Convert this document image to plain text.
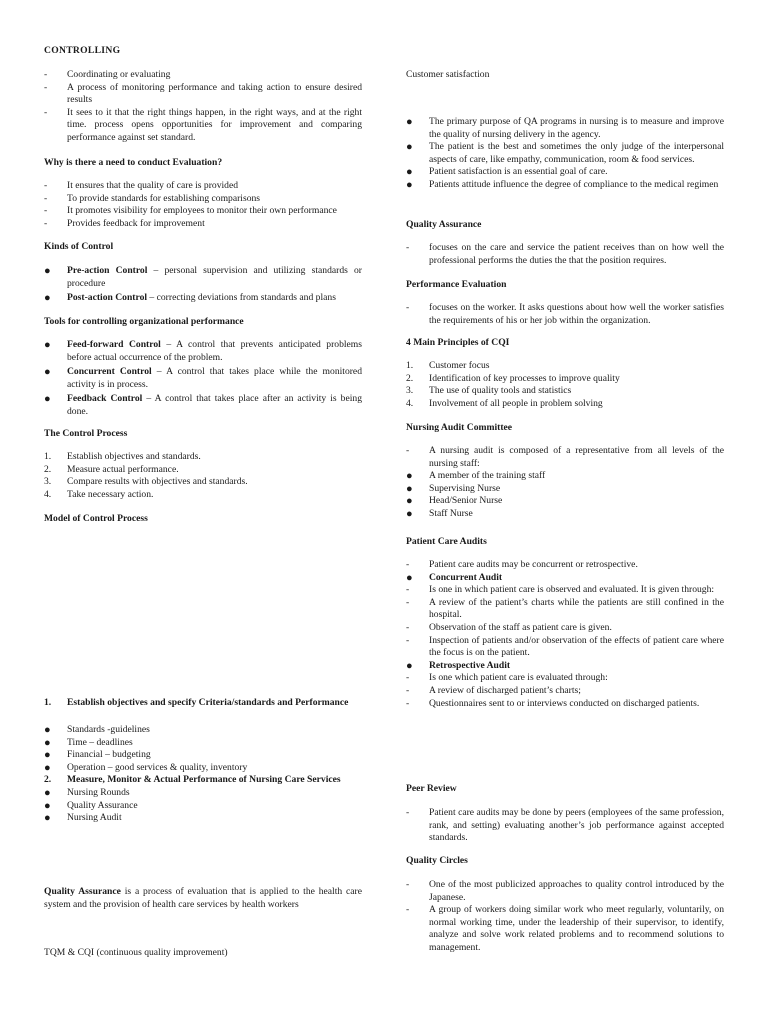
CONTROLLING
-	Coordinating or evaluating
-	A process of monitoring performance and taking action to ensure desired results
-	It sees to it that the right things happen, in the right ways, and at the right time. process opens opportunities for improvement and comparing performance against set standard.
Why is there a need to conduct Evaluation?
-	It ensures that the quality of care is provided
-	To provide standards for establishing comparisons
-	It promotes visibility for employees to monitor their own performance
-	Provides feedback for improvement
Kinds of Control
●	Pre-action Control – personal supervision and utilizing standards or procedure
●	Post-action Control – correcting deviations from standards and plans
Tools for controlling organizational performance
●	Feed-forward Control – A control that prevents anticipated problems before actual occurrence of the problem.
●	Concurrent Control – A control that takes place while the monitored activity is in process.
●	Feedback Control – A control that takes place after an activity is being done.
The Control Process
1.	Establish objectives and standards.
2.	Measure actual performance.
3.	Compare results with objectives and standards.
4.	Take necessary action.
Model of Control Process
1.	Establish objectives and specify Criteria/standards and Performance
●	Standards -guidelines
●	Time – deadlines
●	Financial – budgeting
●	Operation – good services & quality, inventory
2.	Measure, Monitor & Actual Performance of Nursing Care Services
●	Nursing Rounds
●	Quality Assurance
●	Nursing Audit
Quality Assurance is a process of evaluation that is applied to the health care system and the provision of health care services by health workers
TQM & CQI (continuous quality improvement)
Customer satisfaction
●	The primary purpose of QA programs in nursing is to measure and improve the quality of nursing delivery in the agency.
●	The patient is the best and sometimes the only judge of the interpersonal aspects of care, like empathy, communication, room & food services.
●	Patient satisfaction is an essential goal of care.
●	Patients attitude influence the degree of compliance to the medical regimen
Quality Assurance
-	focuses on the care and service the patient receives than on how well the professional performs the duties the that the position requires.
Performance Evaluation
-	focuses on the worker. It asks questions about how well the worker satisfies the requirements of his or her job within the organization.
4 Main Principles of CQI
1.	Customer focus
2.	Identification of key processes to improve quality
3.	The use of quality tools and statistics
4.	Involvement of all people in problem solving
Nursing Audit Committee
-	A nursing audit is composed of a representative from all levels of the nursing staff:
●	A member of the training staff
●	Supervising Nurse
●	Head/Senior Nurse
●	Staff Nurse
Patient Care Audits
-	Patient care audits may be concurrent or retrospective.
●	Concurrent Audit
-	Is one in which patient care is observed and evaluated. It is given through:
-	A review of the patient’s charts while the patients are still confined in the hospital.
-	Observation of the staff as patient care is given.
-	Inspection of patients and/or observation of the effects of patient care where the focus is on the patient.
●	Retrospective Audit
-	Is one which patient care is evaluated through:
-	A review of discharged patient’s charts;
-	Questionnaires sent to or interviews conducted on discharged patients.
Peer Review
-	Patient care audits may be done by peers (employees of the same profession, rank, and setting) evaluating another’s job performance against accepted standards.
Quality Circles
-	One of the most publicized approaches to quality control introduced by the Japanese.
-	A group of workers doing similar work who meet regularly, voluntarily, on normal working time, under the leadership of their supervisor, to identify, analyze and solve work related problems and to recommend solutions to management.
